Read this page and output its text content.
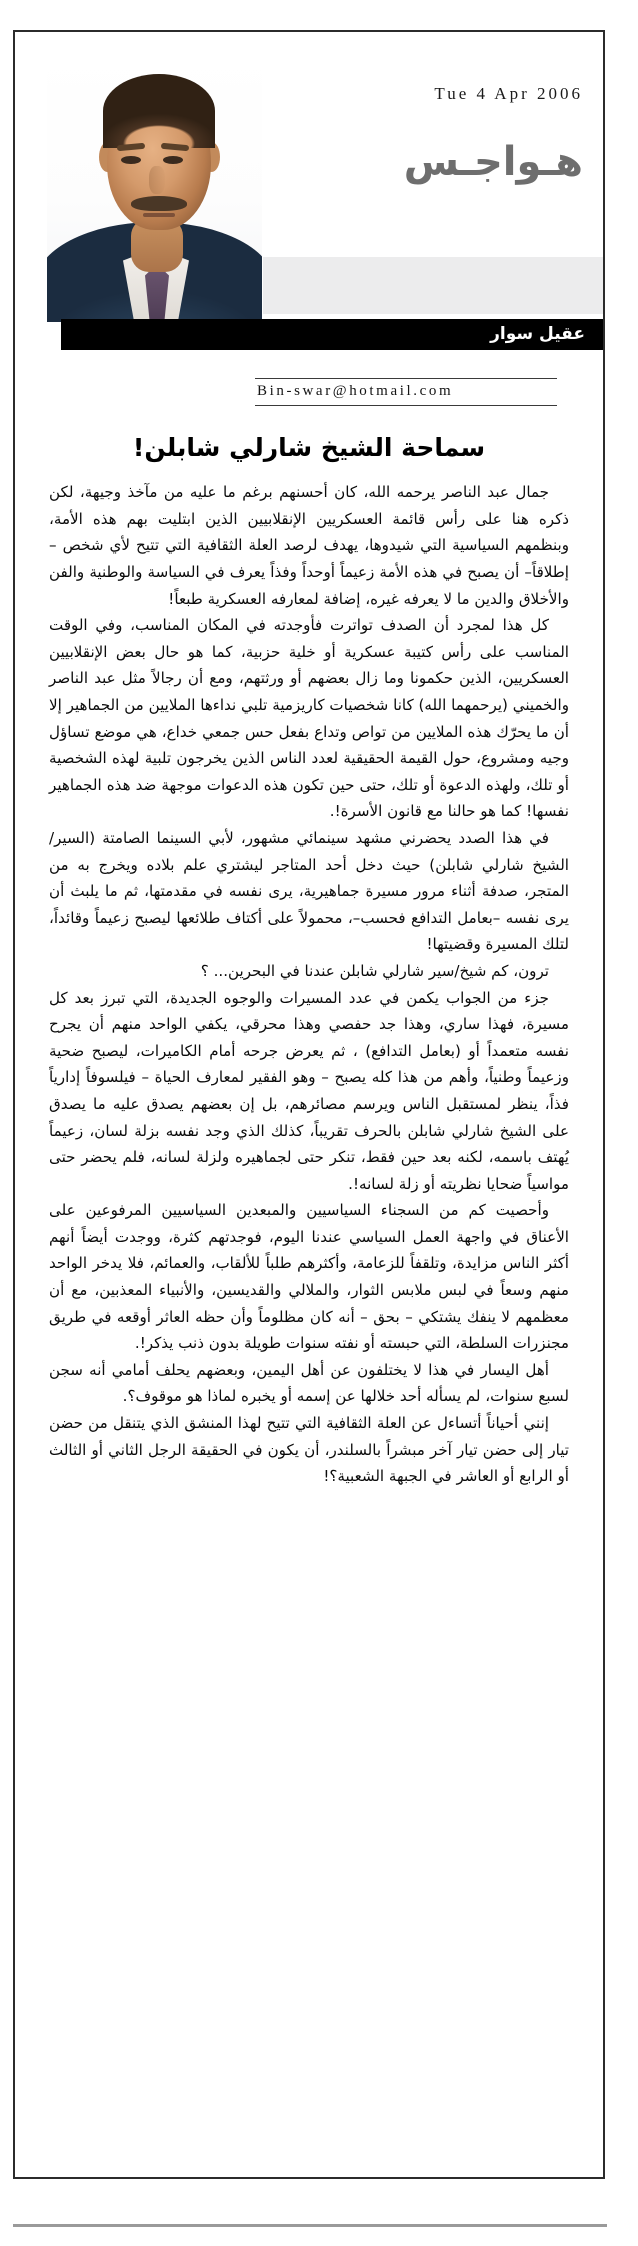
Tue 4 Apr 2006
هـواجـس
عقيل سوار
Bin-swar@hotmail.com
سماحة الشيخ شارلي شابلن!

جمال عبد الناصر يرحمه الله، كان أحسنهم برغم ما عليه من مآخذ وجيهة، لكن ذكره هنا على رأس قائمة العسكريين الإنقلابيين الذين ابتليت بهم هذه الأمة، وبنظمهم السياسية التي شيدوها، يهدف لرصد العلة الثقافية التي تتيح لأي شخص – إطلاقاً– أن يصبح في هذه الأمة زعيماً أوحداً وفذاً يعرف في السياسة والوطنية والفن والأخلاق والدين ما لا يعرفه غيره، إضافة لمعارفه العسكرية طبعاً!

كل هذا لمجرد أن الصدف تواترت فأوجدته في المكان المناسب، وفي الوقت المناسب على رأس كتيبة عسكرية أو خلية حزبية، كما هو حال بعض الإنقلابيين العسكريين، الذين حكمونا وما زال بعضهم أو ورثتهم، ومع أن رجالاً مثل عبد الناصر والخميني (يرحمهما الله) كانا شخصيات كاريزمية تلبي نداءها الملايين من الجماهير إلا أن ما يحرّك هذه الملايين من تواص وتداع بفعل حس جمعي خداع، هي موضع تساؤل وجيه ومشروع، حول القيمة الحقيقية لعدد الناس الذين يخرجون تلبية لهذه الشخصية أو تلك، ولهذه الدعوة أو تلك، حتى حين تكون هذه الدعوات موجهة ضد هذه الجماهير نفسها! كما هو حالنا مع قانون الأسرة!.

في هذا الصدد يحضرني مشهد سينمائي مشهور، لأبي السينما الصامتة (السير/الشيخ شارلي شابلن) حيث دخل أحد المتاجر ليشتري علم بلاده ويخرج به من المتجر، صدفة أثناء مرور مسيرة جماهيرية، يرى نفسه في مقدمتها، ثم ما يلبث أن يرى نفسه –بعامل التدافع فحسب–، محمولاً على أكتاف طلائعها ليصبح زعيماً وقائداً، لتلك المسيرة وقضيتها!

ترون، كم شيخ/سير شارلي شابلن عندنا في البحرين... ؟

جزء من الجواب يكمن في عدد المسيرات والوجوه الجديدة، التي تبرز بعد كل مسيرة، فهذا ساري، وهذا جد حفصي وهذا محرقي، يكفي الواحد منهم أن يجرح نفسه متعمداً أو (بعامل التدافع) ، ثم يعرض جرحه أمام الكاميرات، ليصبح ضحية وزعيماً وطنياً، وأهم من هذا كله يصبح – وهو الفقير لمعارف الحياة – فيلسوفاً إدارياً فذاً، ينظر لمستقبل الناس ويرسم مصائرهم، بل إن بعضهم يصدق عليه ما يصدق على الشيخ شارلي شابلن بالحرف تقريباً، كذلك الذي وجد نفسه بزلة لسان، زعيماً يُهتف باسمه، لكنه بعد حين فقط، تنكر حتى لجماهيره ولزلة لسانه، فلم يحضر حتى مواسياً ضحايا نظريته أو زلة لسانه!.

وأحصيت كم من السجناء السياسيين والمبعدين السياسيين المرفوعين على الأعناق في واجهة العمل السياسي عندنا اليوم، فوجدتهم كثرة، ووجدت أيضاً أنهم أكثر الناس مزايدة، وتلقفاً للزعامة، وأكثرهم طلباً للألقاب، والعمائم، فلا يدخر الواحد منهم وسعاً في لبس ملابس الثوار، والملالي والقديسين، والأنبياء المعذبين، مع أن معظمهم لا ينفك يشتكي – بحق – أنه كان مظلوماً وأن حظه العاثر أوقعه في طريق مجنزرات السلطة، التي حبسته أو نفته سنوات طويلة بدون ذنب يذكر!.

أهل اليسار في هذا لا يختلفون عن أهل اليمين، وبعضهم يحلف أمامي أنه سجن لسبع سنوات، لم يسأله أحد خلالها عن إسمه أو يخبره لماذا هو موقوف؟.

إنني أحياناً أتساءل عن العلة الثقافية التي تتيح لهذا المنشق الذي يتنقل من حضن تيار إلى حضن تيار آخر مبشراً بالسلندر، أن يكون في الحقيقة الرجل الثاني أو الثالث أو الرابع أو العاشر في الجبهة الشعبية؟!
